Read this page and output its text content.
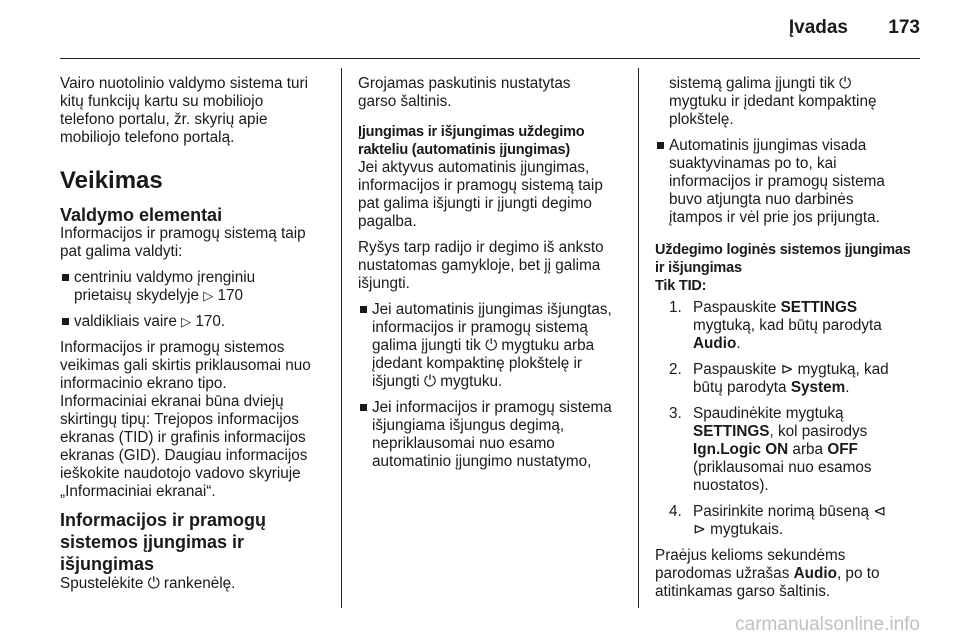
Įvadas 173

Vairo nuotolinio valdymo sistema turi
kitų funkcijų kartu su mobiliojo
telefono portalu, žr. skyrių apie
mobiliojo telefono portalą.

Veikimas
Valdymo elementai

Informacijos ir pramogų sistemą taip
pat galima valdyti:

centriniu valdymo įrenginiu
prietaisų skydelyje ▷ 170
valdikliais vaire ▷ 170.

Informacijos ir pramogų sistemos
veikimas gali skirtis priklausomai nuo
informacinio ekrano tipo.
Informaciniai ekranai būna dviejų
skirtingų tipų: Trejopos informacijos
ekranas (TID) ir grafinis informacijos
ekranas (GID). Daugiau informacijos
ieškokite naudotojo vadovo skyriuje
„Informaciniai ekranai“.

Informacijos ir pramogų
sistemos įjungimas ir išjungimas

Spustelėkite ⏻ rankenėlę.

Grojamas paskutinis nustatytas
garso šaltinis.

Įjungimas ir išjungimas uždegimo
rakteliu (automatinis įjungimas)

Jei aktyvus automatinis įjungimas,
informacijos ir pramogų sistemą taip
pat galima išjungti ir įjungti degimo
pagalba.

Ryšys tarp radijo ir degimo iš anksto
nustatomas gamykloje, bet jį galima
išjungti.

Jei automatinis įjungimas išjungtas,
informacijos ir pramogų sistemą
galima įjungti tik ⏻ mygtuku arba
įdedant kompaktinę plokštelę ir
išjungti ⏻ mygtuku.
Jei informacijos ir pramogų sistema
išjungiama išjungus degimą,
nepriklausomai nuo esamo
automatinio įjungimo nustatymo,
sistemą galima įjungti tik ⏻
mygtuku ir įdedant kompaktinę
plokštelę.
Automatinis įjungimas visada
suaktyvinamas po to, kai
informacijos ir pramogų sistema
buvo atjungta nuo darbinės
įtampos ir vėl prie jos prijungta.
Uždegimo loginės sistemos įjungimas
ir išjungimas
Tik TID:
1. Paspauskite SETTINGS
mygtuką, kad būtų parodyta
Audio.
2. Paspauskite ⊳ mygtuką, kad
būtų parodyta System.
3. Spaudinėkite mygtuką
SETTINGS, kol pasirodys
Ign.Logic ON arba OFF
(priklausomai nuo esamos
nuostatos).
4. Pasirinkite norimą būseną ⊲
⊳ mygtukais.

Praėjus kelioms sekundėms
parodomas užrašas Audio, po to
atitinkamas garso šaltinis.

carmanualsonline.info
